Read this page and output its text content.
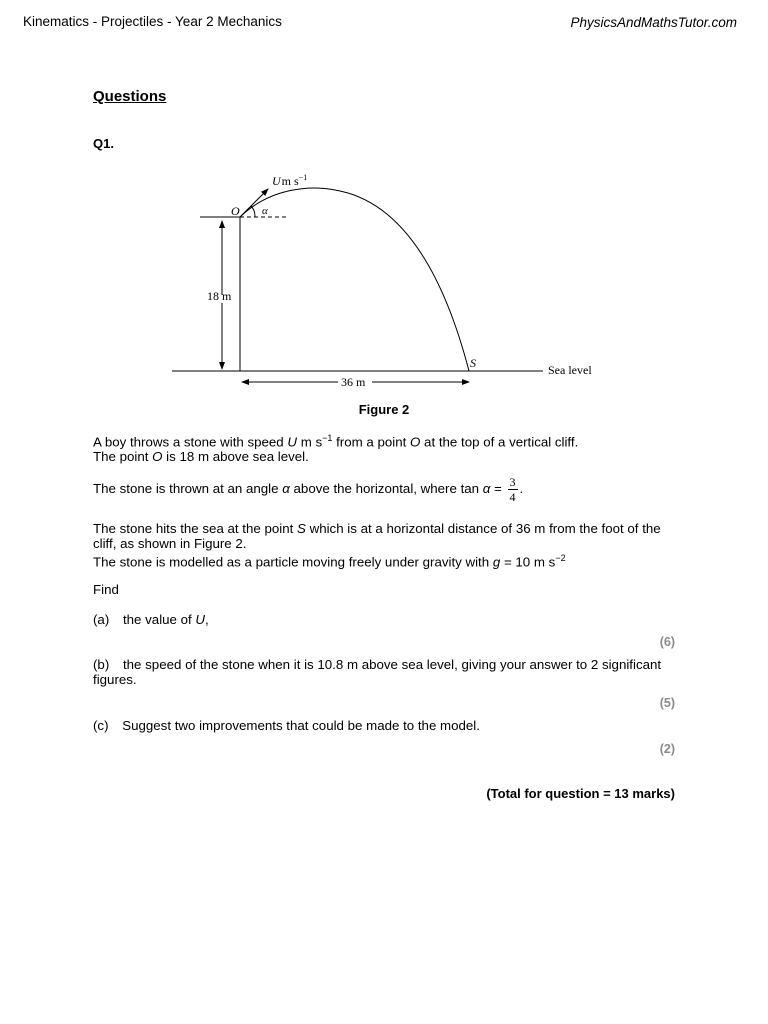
Kinematics - Projectiles - Year 2 Mechanics	PhysicsAndMathsTutor.com
Questions
Q1.
Um $s^{-1}$
O α
18 m
36 m
S	Sea level
Figure 2
A boy throws a stone with speed U m $s^{-1}$ from a point O at the top of a vertical cliff.
The point O is 18 m above sea level.
The stone is thrown at an angle α above the horizontal, where $\tan \alpha = \frac{3}{4}$ .
The stone hits the sea at the point S which is at a horizontal distance of 36 m from the foot of the cliff, as shown in Figure 2.
The stone is modelled as a particle moving freely under gravity with g = 10 m $s^{-2}$
Find
(a) the value of U,
(6)
(b) the speed of the stone when it is 10.8 m above sea level, giving your answer to 2 significant figures.
(5)
(c) Suggest two improvements that could be made to the model.
(2)
(Total for question = 13 marks)
